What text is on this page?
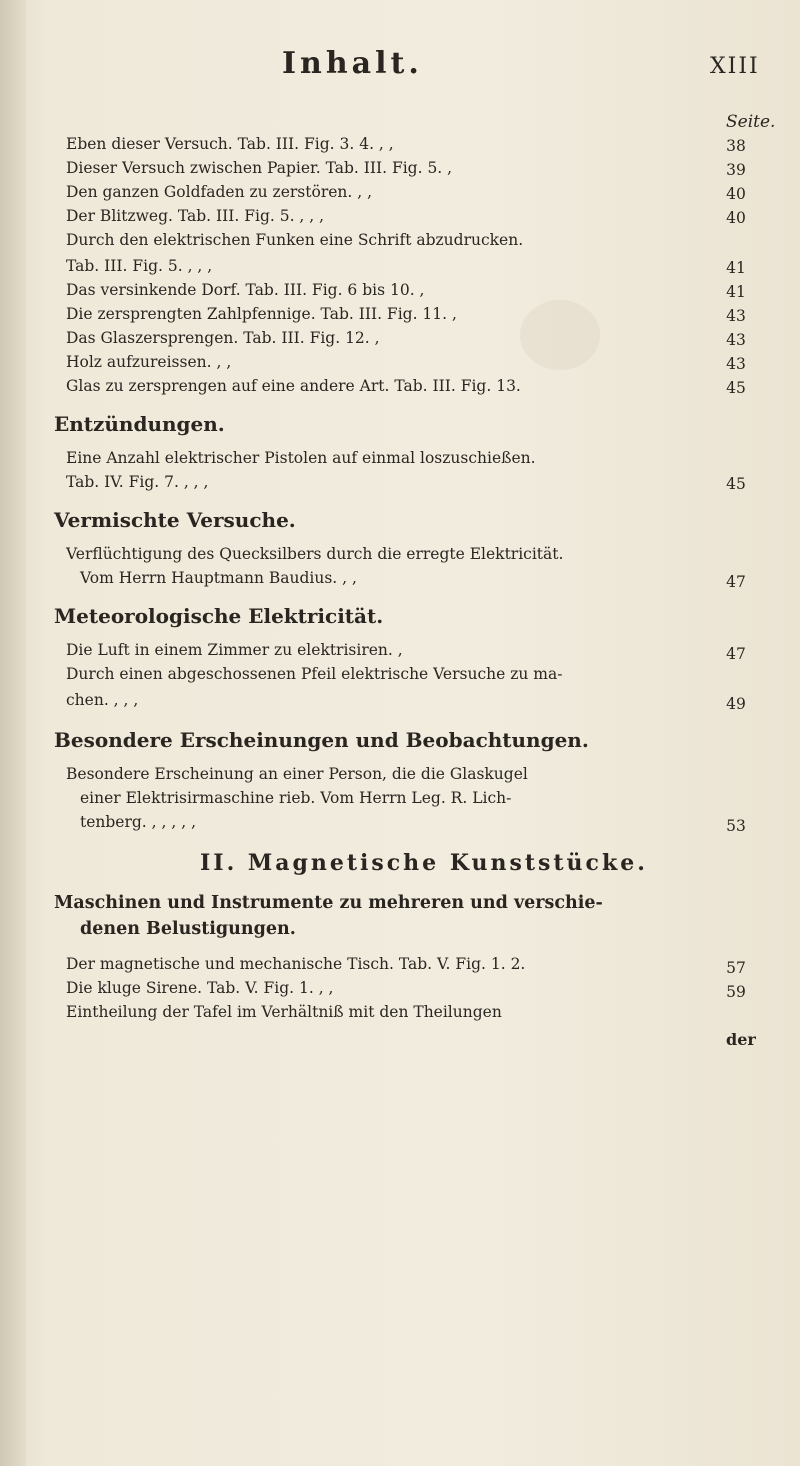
Inhalt.	XIII
Seite.
Eben dieser Versuch. Tab. III. Fig. 3. 4. , ,	38
Dieser Versuch zwischen Papier. Tab. III. Fig. 5. ,	39
Den ganzen Goldfaden zu zerstören. , ,	40
Der Blitzweg. Tab. III. Fig. 5. , , ,	40
Durch den elektrischen Funken eine Schrift abzudrucken.
Tab. III. Fig. 5. , , ,	41
Das versinkende Dorf. Tab. III. Fig. 6 bis 10. ,	41
Die zersprengten Zahlpfennige. Tab. III. Fig. 11. ,	43
Das Glaszersprengen. Tab. III. Fig. 12. ,	43
Holz aufzureissen. , ,	43
Glas zu zersprengen auf eine andere Art. Tab. III. Fig. 13.	45
Entzündungen.
Eine Anzahl elektrischer Pistolen auf einmal loszuschießen.
Tab. IV. Fig. 7. , , ,	45
Vermischte Versuche.
Verflüchtigung des Quecksilbers durch die erregte Elektricität.
Vom Herrn Hauptmann Baudius. , ,	47
Meteorologische Elektricität.
Die Luft in einem Zimmer zu elektrisiren. ,	47
Durch einen abgeschossenen Pfeil elektrische Versuche zu ma-
chen. , , ,	49
Besondere Erscheinungen und Beobachtungen.
Besondere Erscheinung an einer Person, die die Glaskugel
einer Elektrisirmaschine rieb. Vom Herrn Leg. R. Lich-
tenberg. , , , , ,	53
II. Magnetische Kunststücke.
Maschinen und Instrumente zu mehreren und verschie-
denen Belustigungen.
Der magnetische und mechanische Tisch. Tab. V. Fig. 1. 2.	57
Die kluge Sirene. Tab. V. Fig. 1. , ,	59
Eintheilung der Tafel im Verhältniß mit den Theilungen
der
